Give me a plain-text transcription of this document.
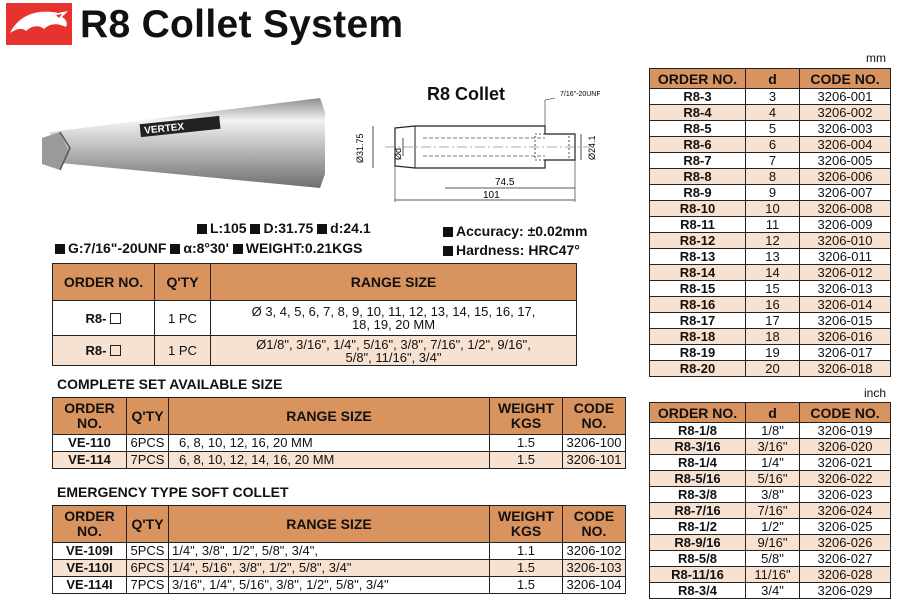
R8 Collet System
VERTEX
R8 Collet
Ø31.75	Ød	Ø24.1
7/16"-20UNF
74.5
101
L:105 D:31.75 d:24.1	Accuracy: ±0.02mm
G:7/16"-20UNF α:8°30' WEIGHT:0.21KGS	Hardness: HRC47°
ORDER NO.	Q'TY	RANGE SIZE
R8-	1 PC	Ø 3, 4, 5, 6, 7, 8, 9, 10, 11, 12, 13, 14, 15, 16, 17, 18, 19, 20 MM
R8-	1 PC	Ø1/8", 3/16", 1/4", 5/16", 3/8", 7/16", 1/2", 9/16", 5/8", 11/16", 3/4"
COMPLETE SET AVAILABLE SIZE
ORDER NO.	Q'TY	RANGE SIZE	WEIGHT KGS	CODE NO.
VE-110	6PCS	6, 8, 10, 12, 16, 20 MM	1.5	3206-100
VE-114	7PCS	6, 8, 10, 12, 14, 16, 20 MM	1.5	3206-101
EMERGENCY TYPE SOFT COLLET
ORDER NO.	Q'TY	RANGE SIZE	WEIGHT KGS	CODE NO.
VE-109I	5PCS	1/4", 3/8", 1/2", 5/8", 3/4",	1.1	3206-102
VE-110I	6PCS	1/4", 5/16", 3/8", 1/2", 5/8", 3/4"	1.5	3206-103
VE-114I	7PCS	3/16", 1/4", 5/16", 3/8", 1/2", 5/8", 3/4"	1.5	3206-104
mm
ORDER NO.	d	CODE NO.
R8-3	3	3206-001
R8-4	4	3206-002
R8-5	5	3206-003
R8-6	6	3206-004
R8-7	7	3206-005
R8-8	8	3206-006
R8-9	9	3206-007
R8-10	10	3206-008
R8-11	11	3206-009
R8-12	12	3206-010
R8-13	13	3206-011
R8-14	14	3206-012
R8-15	15	3206-013
R8-16	16	3206-014
R8-17	17	3206-015
R8-18	18	3206-016
R8-19	19	3206-017
R8-20	20	3206-018
inch
ORDER NO.	d	CODE NO.
R8-1/8	1/8"	3206-019
R8-3/16	3/16"	3206-020
R8-1/4	1/4"	3206-021
R8-5/16	5/16"	3206-022
R8-3/8	3/8"	3206-023
R8-7/16	7/16"	3206-024
R8-1/2	1/2"	3206-025
R8-9/16	9/16"	3206-026
R8-5/8	5/8"	3206-027
R8-11/16	11/16"	3206-028
R8-3/4	3/4"	3206-029
